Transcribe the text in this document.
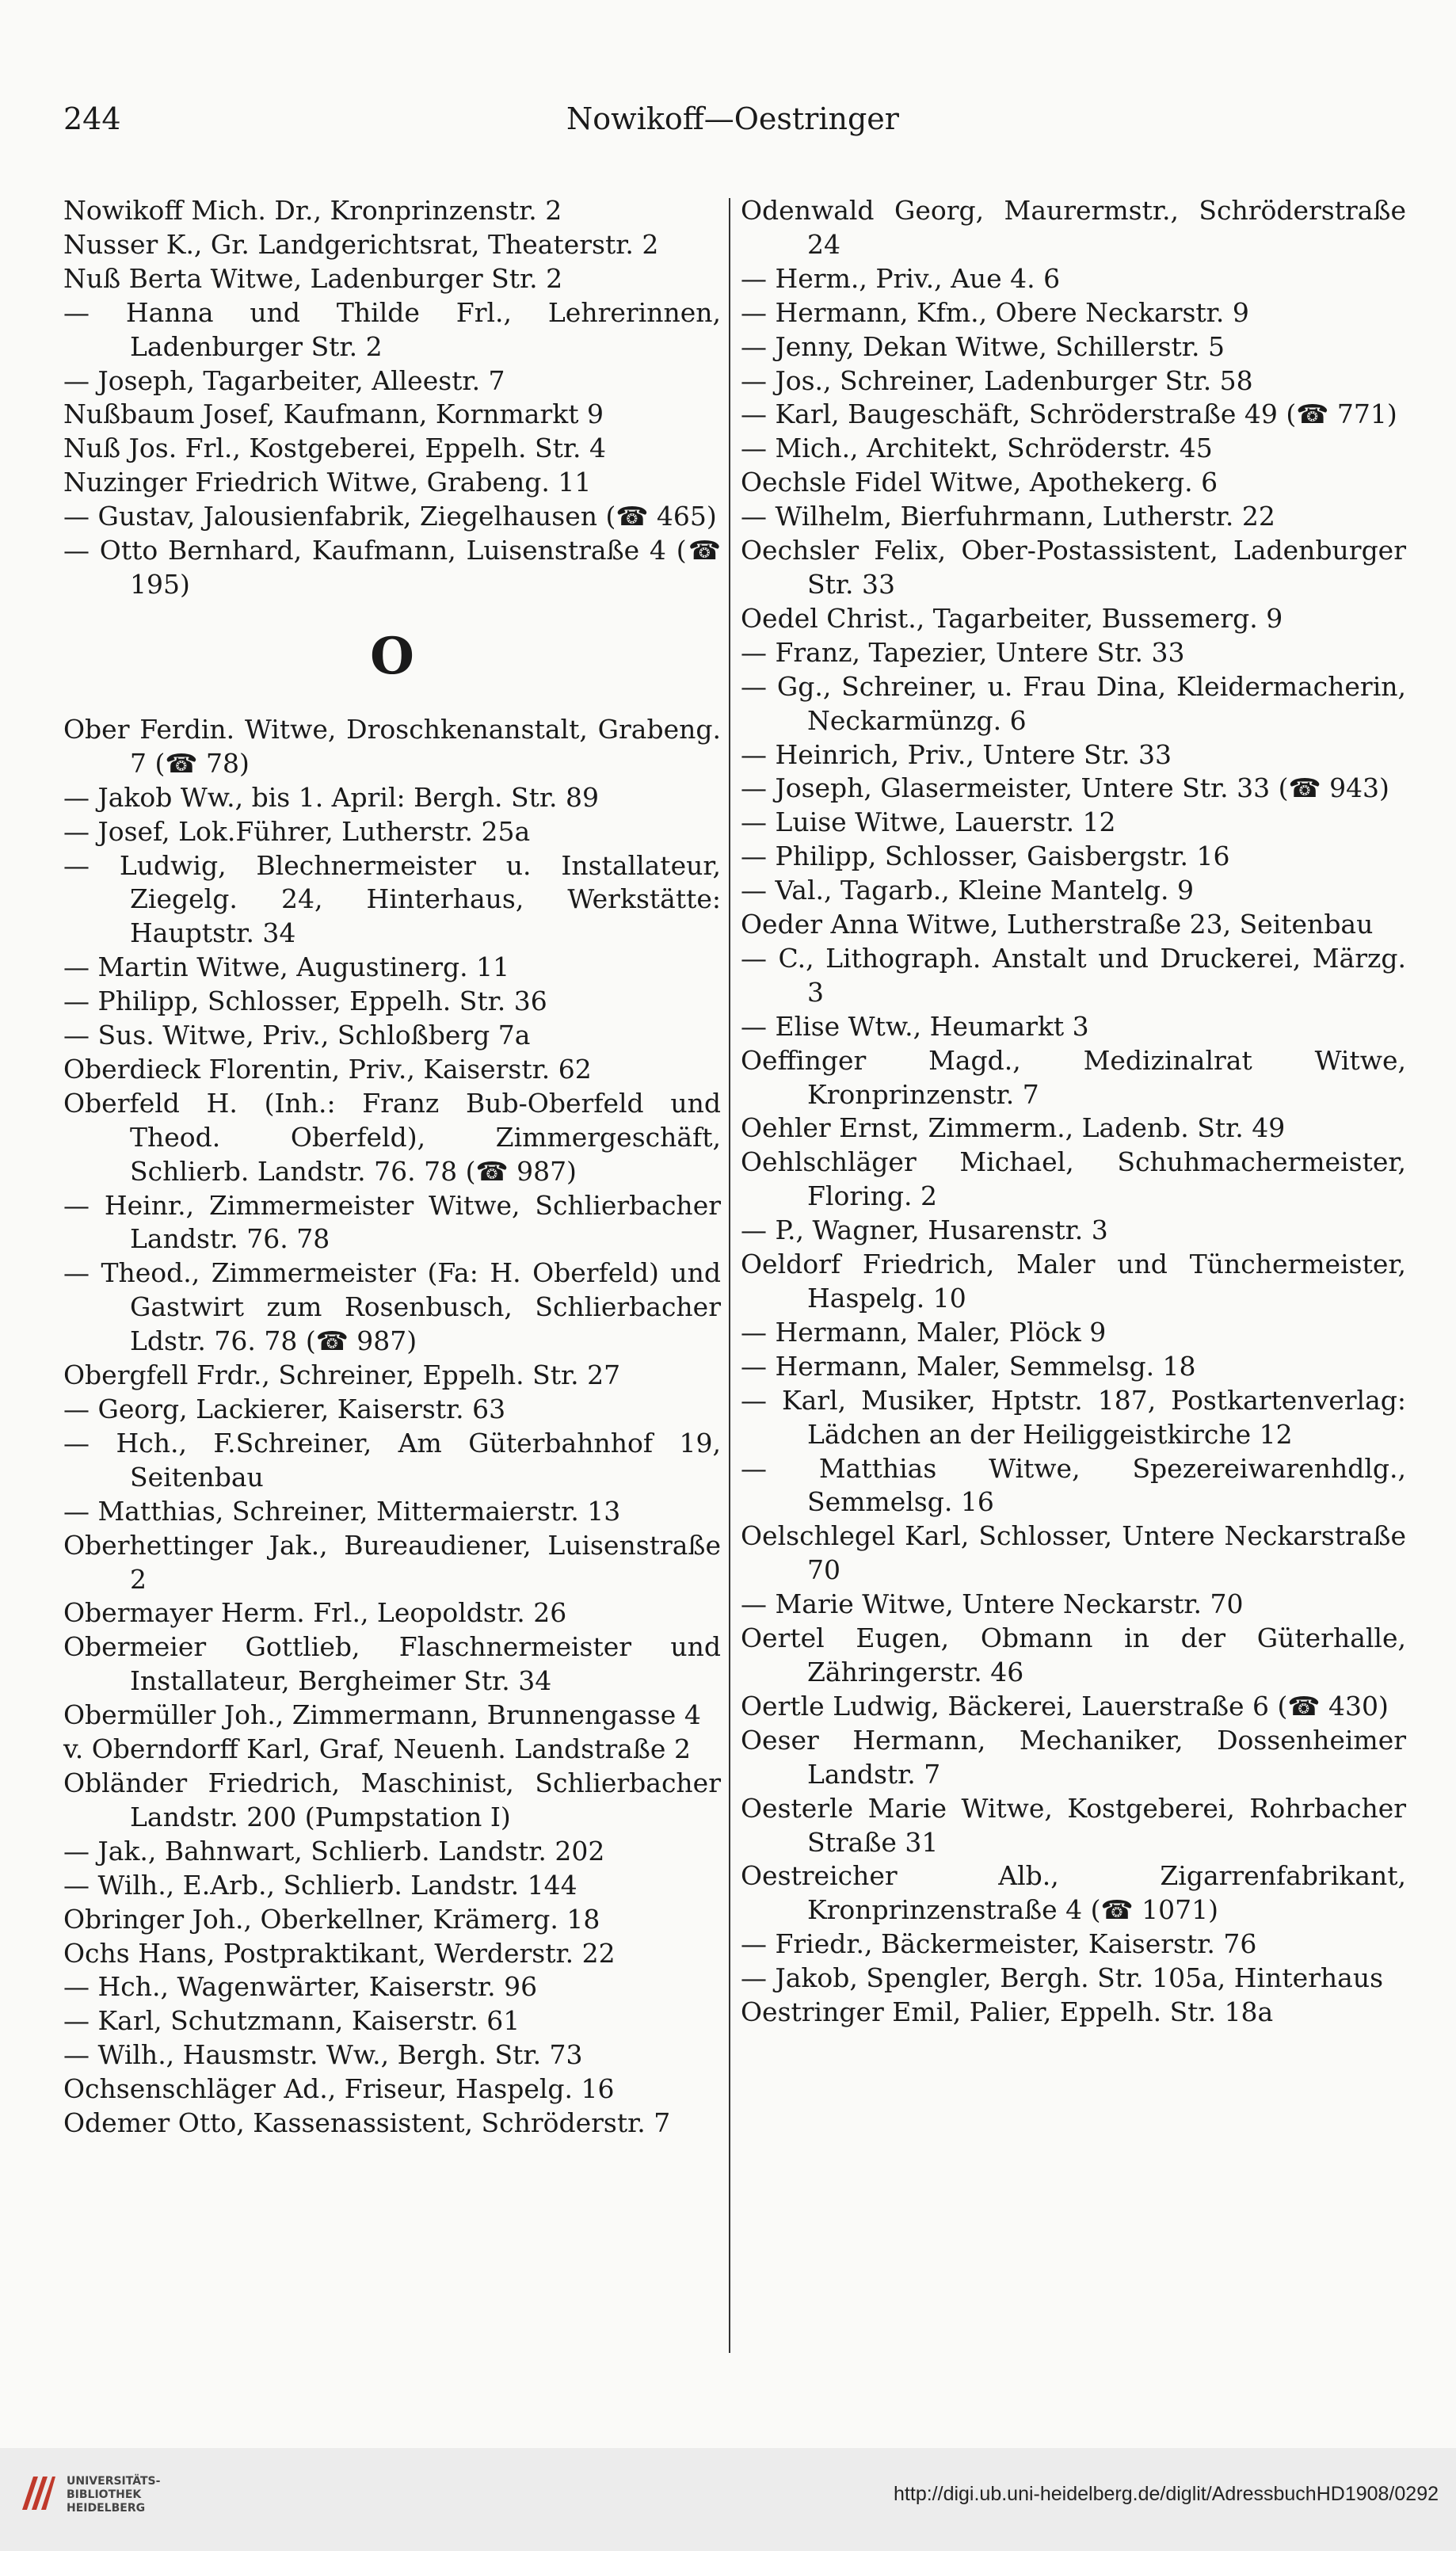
244	Nowikoff—Oestringer

Nowikoff Mich. Dr., Kronprinzenstr. 2

Nusser K., Gr. Landgerichtsrat, Theaterstr. 2

Nuß Berta Witwe, Ladenburger Str. 2

— Hanna und Thilde Frl., Lehrerinnen, Ladenburger Str. 2

— Joseph, Tagarbeiter, Alleestr. 7

Nußbaum Josef, Kaufmann, Kornmarkt 9

Nuß Jos. Frl., Kostgeberei, Eppelh. Str. 4

Nuzinger Friedrich Witwe, Grabeng. 11

— Gustav, Jalousienfabrik, Ziegelhausen (☎ 465)

— Otto Bernhard, Kaufmann, Luisenstraße 4 (☎ 195)

O

Ober Ferdin. Witwe, Droschkenanstalt, Grabeng. 7 (☎ 78)

— Jakob Ww., bis 1. April: Bergh. Str. 89

— Josef, Lok.Führer, Lutherstr. 25a

— Ludwig, Blechnermeister u. Installateur, Ziegelg. 24, Hinterhaus, Werkstätte: Hauptstr. 34

— Martin Witwe, Augustinerg. 11

— Philipp, Schlosser, Eppelh. Str. 36

— Sus. Witwe, Priv., Schloßberg 7a

Oberdieck Florentin, Priv., Kaiserstr. 62

Oberfeld H. (Inh.: Franz Bub-Oberfeld und Theod. Oberfeld), Zimmergeschäft, Schlierb. Landstr. 76. 78 (☎ 987)

— Heinr., Zimmermeister Witwe, Schlierbacher Landstr. 76. 78

— Theod., Zimmermeister (Fa: H. Oberfeld) und Gastwirt zum Rosenbusch, Schlierbacher Ldstr. 76. 78 (☎ 987)

Obergfell Frdr., Schreiner, Eppelh. Str. 27

— Georg, Lackierer, Kaiserstr. 63

— Hch., F.Schreiner, Am Güterbahnhof 19, Seitenbau

— Matthias, Schreiner, Mittermaierstr. 13

Oberhettinger Jak., Bureaudiener, Luisenstraße 2

Obermayer Herm. Frl., Leopoldstr. 26

Obermeier Gottlieb, Flaschnermeister und Installateur, Bergheimer Str. 34

Obermüller Joh., Zimmermann, Brunnengasse 4

v. Oberndorff Karl, Graf, Neuenh. Landstraße 2

Obländer Friedrich, Maschinist, Schlierbacher Landstr. 200 (Pumpstation I)

— Jak., Bahnwart, Schlierb. Landstr. 202

— Wilh., E.Arb., Schlierb. Landstr. 144

Obringer Joh., Oberkellner, Krämerg. 18

Ochs Hans, Postpraktikant, Werderstr. 22

— Hch., Wagenwärter, Kaiserstr. 96

— Karl, Schutzmann, Kaiserstr. 61

— Wilh., Hausmstr. Ww., Bergh. Str. 73

Ochsenschläger Ad., Friseur, Haspelg. 16

Odemer Otto, Kassenassistent, Schröderstr. 7

Odenwald Georg, Maurermstr., Schröderstraße 24

— Herm., Priv., Aue 4. 6

— Hermann, Kfm., Obere Neckarstr. 9

— Jenny, Dekan Witwe, Schillerstr. 5

— Jos., Schreiner, Ladenburger Str. 58

— Karl, Baugeschäft, Schröderstraße 49 (☎ 771)

— Mich., Architekt, Schröderstr. 45

Oechsle Fidel Witwe, Apothekerg. 6

— Wilhelm, Bierfuhrmann, Lutherstr. 22

Oechsler Felix, Ober-Postassistent, Ladenburger Str. 33

Oedel Christ., Tagarbeiter, Bussemerg. 9

— Franz, Tapezier, Untere Str. 33

— Gg., Schreiner, u. Frau Dina, Kleidermacherin, Neckarmünzg. 6

— Heinrich, Priv., Untere Str. 33

— Joseph, Glasermeister, Untere Str. 33 (☎ 943)

— Luise Witwe, Lauerstr. 12

— Philipp, Schlosser, Gaisbergstr. 16

— Val., Tagarb., Kleine Mantelg. 9

Oeder Anna Witwe, Lutherstraße 23, Seitenbau

— C., Lithograph. Anstalt und Druckerei, Märzg. 3

— Elise Wtw., Heumarkt 3

Oeffinger Magd., Medizinalrat Witwe, Kronprinzenstr. 7

Oehler Ernst, Zimmerm., Ladenb. Str. 49

Oehlschläger Michael, Schuhmachermeister, Floring. 2

— P., Wagner, Husarenstr. 3

Oeldorf Friedrich, Maler und Tünchermeister, Haspelg. 10

— Hermann, Maler, Plöck 9

— Hermann, Maler, Semmelsg. 18

— Karl, Musiker, Hptstr. 187, Postkartenverlag: Lädchen an der Heiliggeistkirche 12

— Matthias Witwe, Spezereiwarenhdlg., Semmelsg. 16

Oelschlegel Karl, Schlosser, Untere Neckarstraße 70

— Marie Witwe, Untere Neckarstr. 70

Oertel Eugen, Obmann in der Güterhalle, Zähringerstr. 46

Oertle Ludwig, Bäckerei, Lauerstraße 6 (☎ 430)

Oeser Hermann, Mechaniker, Dossenheimer Landstr. 7

Oesterle Marie Witwe, Kostgeberei, Rohrbacher Straße 31

Oestreicher Alb., Zigarrenfabrikant, Kronprinzenstraße 4 (☎ 1071)

— Friedr., Bäckermeister, Kaiserstr. 76

— Jakob, Spengler, Bergh. Str. 105a, Hinterhaus

Oestringer Emil, Palier, Eppelh. Str. 18a

UNIVERSITÄTS-
BIBLIOTHEK
HEIDELBERG
http://digi.ub.uni-heidelberg.de/diglit/AdressbuchHD1908/0292
